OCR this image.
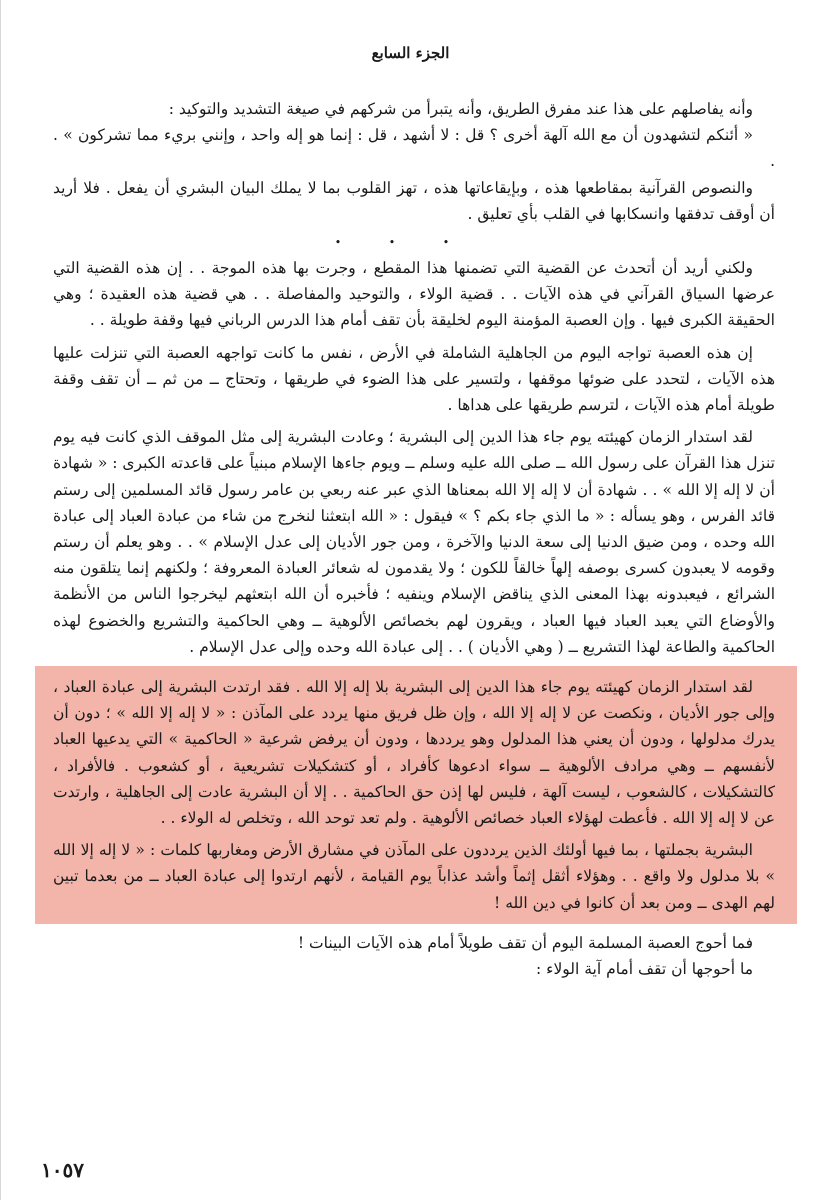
الجزء السابع

وأنه يفاصلهم على هذا عند مفرق الطريق، وأنه يتبرأ من شركهم في صيغة التشديد والتوكيد :

« أئنكم لتشهدون أن مع الله آلهة أخرى ؟ قل : لا أشهد ، قل : إنما هو إله واحد ، وإنني بريء مما تشركون » . .

والنصوص القرآنية بمقاطعها هذه ، وبإيقاعاتها هذه ، تهز القلوب بما لا يملك البيان البشري أن يفعل . فلا أريد أن أوقف تدفقها وانسكابها في القلب بأي تعليق .

• • •

ولكني أريد أن أتحدث عن القضية التي تضمنها هذا المقطع ، وجرت بها هذه الموجة . . إن هذه القضية التي عرضها السياق القرآني في هذه الآيات . . قضية الولاء ، والتوحيد والمفاصلة . . هي قضية هذه العقيدة ؛ وهي الحقيقة الكبرى فيها . وإن العصبة المؤمنة اليوم لخليقة بأن تقف أمام هذا الدرس الرباني فيها وقفة طويلة . .

إن هذه العصبة تواجه اليوم من الجاهلية الشاملة في الأرض ، نفس ما كانت تواجهه العصبة التي تنزلت عليها هذه الآيات ، لتحدد على ضوئها موقفها ، ولتسير على هذا الضوء في طريقها ، وتحتاج ــ من ثم ــ أن تقف وقفة طويلة أمام هذه الآيات ، لترسم طريقها على هداها .

لقد استدار الزمان كهيئته يوم جاء هذا الدين إلى البشرية ؛ وعادت البشرية إلى مثل الموقف الذي كانت فيه يوم تنزل هذا القرآن على رسول الله ــ صلى الله عليه وسلم ــ ويوم جاءها الإسلام مبنياً على قاعدته الكبرى : « شهادة أن لا إله إلا الله » . . شهادة أن لا إله إلا الله بمعناها الذي عبر عنه ربعي بن عامر رسول قائد المسلمين إلى رستم قائد الفرس ، وهو يسأله : « ما الذي جاء بكم ؟ » فيقول : « الله ابتعثنا لنخرج من شاء من عبادة العباد إلى عبادة الله وحده ، ومن ضيق الدنيا إلى سعة الدنيا والآخرة ، ومن جور الأديان إلى عدل الإسلام » . . وهو يعلم أن رستم وقومه لا يعبدون كسرى بوصفه إلهاً خالقاً للكون ؛ ولا يقدمون له شعائر العبادة المعروفة ؛ ولكنهم إنما يتلقون منه الشرائع ، فيعبدونه بهذا المعنى الذي يناقض الإسلام وينفيه ؛ فأخبره أن الله ابتعثهم ليخرجوا الناس من الأنظمة والأوضاع التي يعبد العباد فيها العباد ، ويقرون لهم بخصائص الألوهية ــ وهي الحاكمية والتشريع والخضوع لهذه الحاكمية والطاعة لهذا التشريع ــ ( وهي الأديان ) . . إلى عبادة الله وحده وإلى عدل الإسلام .

لقد استدار الزمان كهيئته يوم جاء هذا الدين إلى البشرية بلا إله إلا الله . فقد ارتدت البشرية إلى عبادة العباد ، وإلى جور الأديان ، ونكصت عن لا إله إلا الله ، وإن ظل فريق منها يردد على المآذن : « لا إله إلا الله » ؛ دون أن يدرك مدلولها ، ودون أن يعني هذا المدلول وهو يرددها ، ودون أن يرفض شرعية « الحاكمية » التي يدعيها العباد لأنفسهم ــ وهي مرادف الألوهية ــ سواء ادعوها كأفراد ، أو كتشكيلات تشريعية ، أو كشعوب . فالأفراد ، كالتشكيلات ، كالشعوب ، ليست آلهة ، فليس لها إذن حق الحاكمية . . إلا أن البشرية عادت إلى الجاهلية ، وارتدت عن لا إله إلا الله . فأعطت لهؤلاء العباد خصائص الألوهية . ولم تعد توحد الله ، وتخلص له الولاء . .

البشرية بجملتها ، بما فيها أولئك الذين يرددون على المآذن في مشارق الأرض ومغاربها كلمات : « لا إله إلا الله » بلا مدلول ولا واقع . . وهؤلاء أثقل إثماً وأشد عذاباً يوم القيامة ، لأنهم ارتدوا إلى عبادة العباد ــ من بعدما تبين لهم الهدى ــ ومن بعد أن كانوا في دين الله !

فما أحوج العصبة المسلمة اليوم أن تقف طويلاً أمام هذه الآيات البينات !

ما أحوجها أن تقف أمام آية الولاء :

١٠٥٧
